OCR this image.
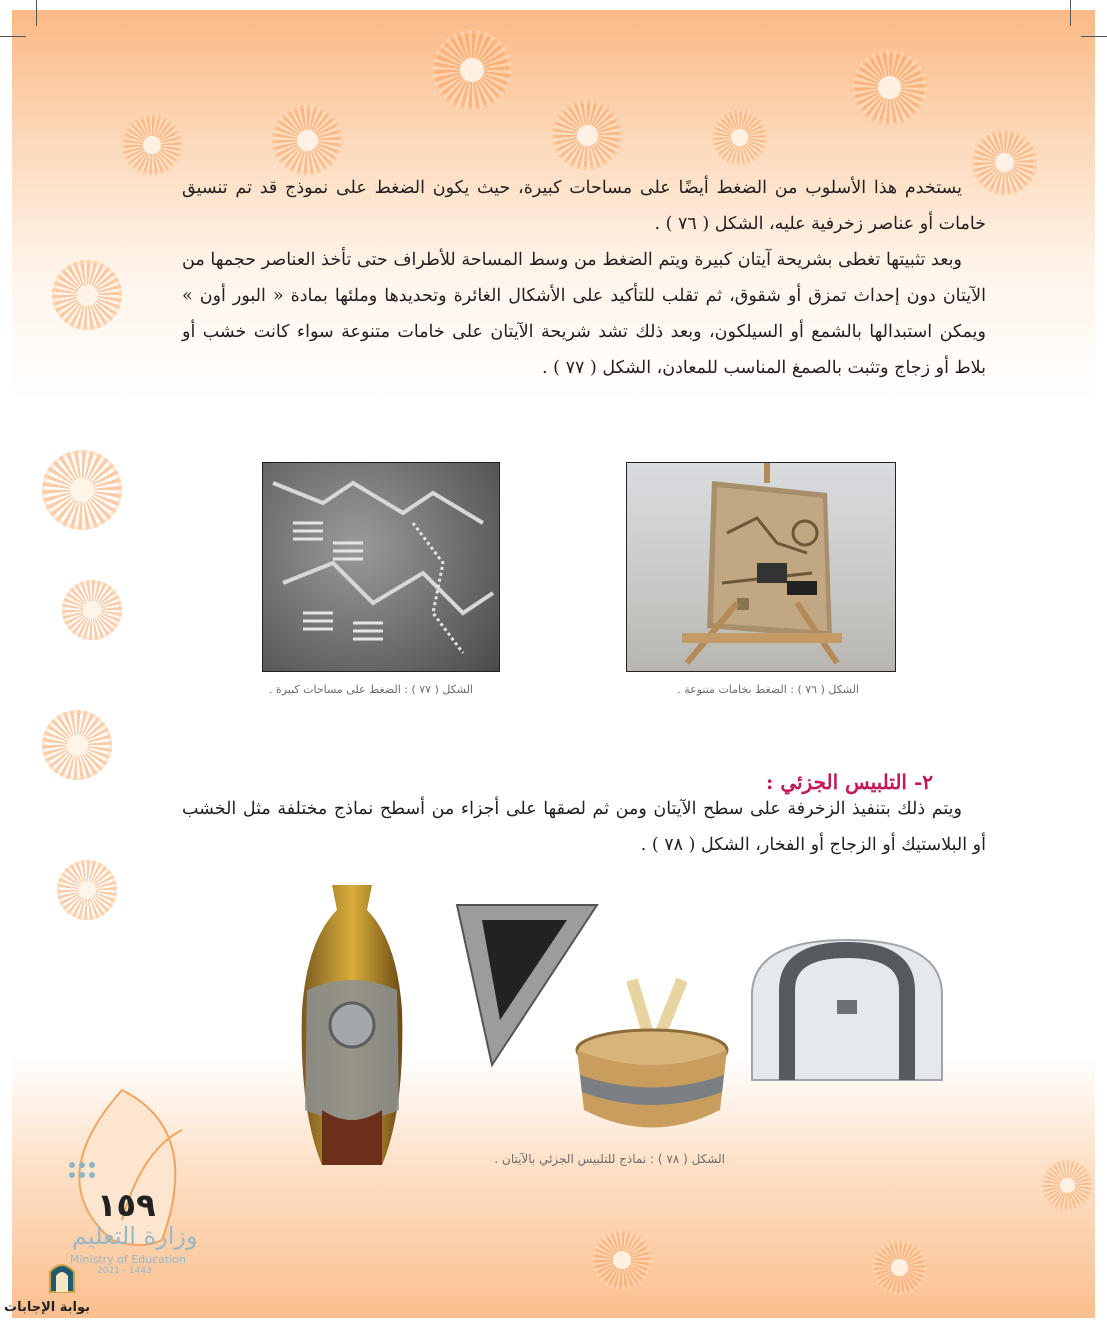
يستخدم هذا الأسلوب من الضغط أيضًا على مساحات كبيرة، حيث يكون الضغط على نموذج قد تم تنسيق خامات أو عناصر زخرفية عليه، الشكل ( ٧٦ ) .

وبعد تثبيتها تغطى بشريحة آيتان كبيرة ويتم الضغط من وسط المساحة للأطراف حتى تأخذ العناصر حجمها من الآيتان دون إحداث تمزق أو شقوق، ثم تقلب للتأكيد على الأشكال الغائرة وتحديدها وملئها بمادة « البور أون » ويمكن استبدالها بالشمع أو السيلكون، وبعد ذلك تشد شريحة الآيتان على خامات متنوعة سواء كانت خشب أو بلاط أو زجاج وتثبت بالصمغ المناسب للمعادن، الشكل ( ٧٧ ) .

الشكل ( ٧٦ ) : الضغط بخامات متنوعة .
الشكل ( ٧٧ ) : الضغط على مساحات كبيرة .
٢- التلبيس الجزئي :

ويتم ذلك بتنفيذ الزخرفة على سطح الآيتان ومن ثم لصقها على أجزاء من أسطح نماذج مختلفة مثل الخشب أو البلاستيك أو الزجاج أو الفخار، الشكل ( ٧٨ ) .

الشكل ( ٧٨ ) : نماذج للتلبيس الجزئي بالآيتان .
١٥٩
وزارة التعليم
Ministry of Education
2021 - 1443
بوابة الإجابات
